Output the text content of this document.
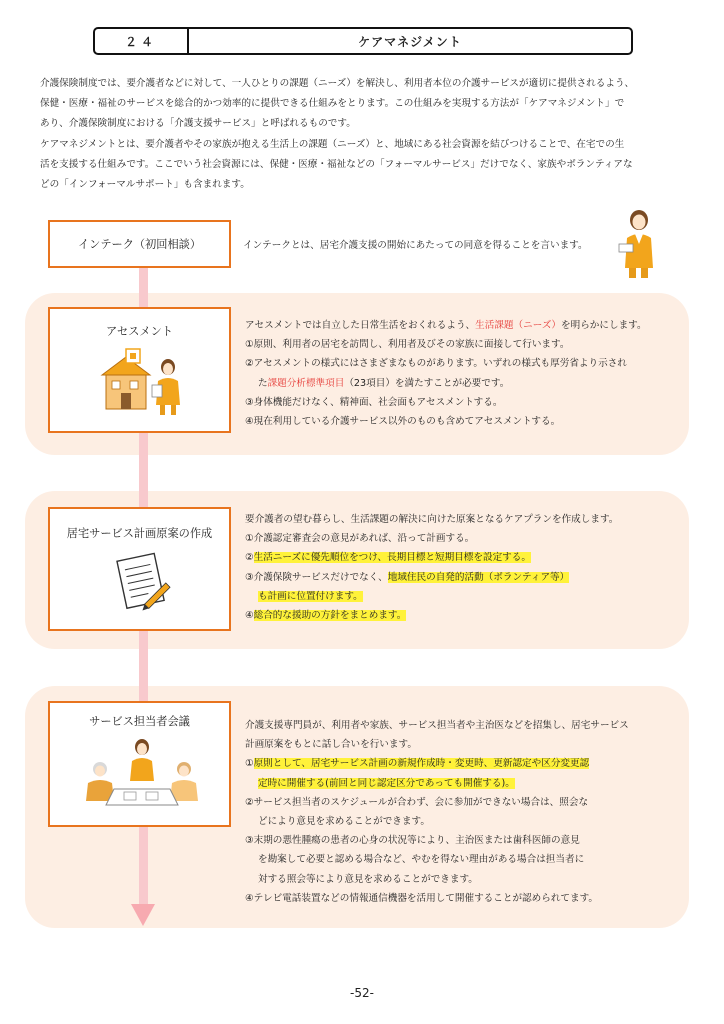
２４	ケアマネジメント

介護保険制度では、要介護者などに対して、一人ひとりの課題（ニーズ）を解決し、利用者本位の介護サービスが適切に提供されるよう、

保健・医療・福祉のサービスを総合的かつ効率的に提供できる仕組みをとります。この仕組みを実現する方法が「ケアマネジメント」で

あり、介護保険制度における「介護支援サービス」と呼ばれるものです。

ケアマネジメントとは、要介護者やその家族が抱える生活上の課題（ニーズ）と、地域にある社会資源を結びつけることで、在宅での生

活を支援する仕組みです。ここでいう社会資源には、保健・医療・福祉などの「フォーマルサービス」だけでなく、家族やボランティアな

どの「インフォーマルサポート」も含まれます。

インテーク（初回相談）	インテークとは、居宅介護支援の開始にあたっての同意を得ることを言います。
アセスメント	アセスメントでは自立した日常生活をおくれるよう、生活課題（ニーズ）を明らかにします。
①原則、利用者の居宅を訪問し、利用者及びその家族に面接して行います。
②アセスメントの様式にはさまざまなものがあります。いずれの様式も厚労省より示され
た課題分析標準項目（23項目）を満たすことが必要です。
③身体機能だけなく、精神面、社会面もアセスメントする。
④現在利用している介護サービス以外のものも含めてアセスメントする。
居宅サービス計画原案の作成
要介護者の望む暮らし、生活課題の解決に向けた原案となるケアプランを作成します。
①介護認定審査会の意見があれば、沿って計画する。
②生活ニーズに優先順位をつけ、長期目標と短期目標を設定する。
③介護保険サービスだけでなく、地域住民の自発的活動（ボランティア等）
も計画に位置付けます。
④総合的な援助の方針をまとめます。
サービス担当者会議	介護支援専門員が、利用者や家族、サービス担当者や主治医などを招集し、居宅サービス
計画原案をもとに話し合いを行います。
①原則として、居宅サービス計画の新規作成時・変更時、更新認定や区分変更認
定時に開催する(前回と同じ認定区分であっても開催する)。
②サービス担当者のスケジュールが合わず、会に参加ができない場合は、照会な
どにより意見を求めることができます。
③末期の悪性腫瘍の患者の心身の状況等により、主治医または歯科医師の意見
を勘案して必要と認める場合など、やむを得ない理由がある場合は担当者に
対する照会等により意見を求めることができます。
④テレビ電話装置などの情報通信機器を活用して開催することが認められてます。
-52-
